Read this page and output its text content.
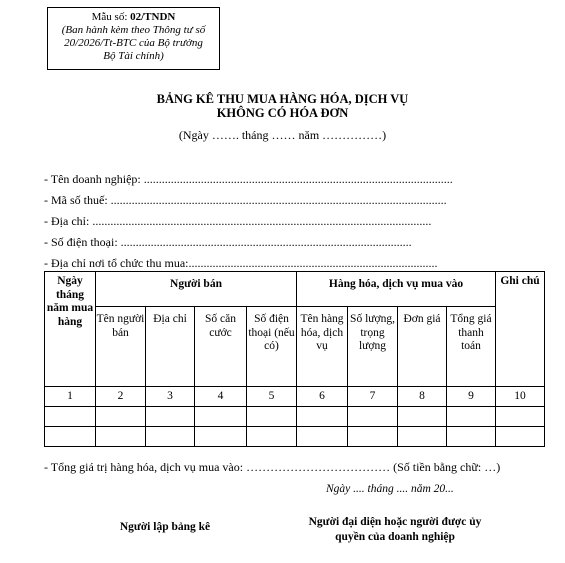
Mẫu số: 02/TNDN
(Ban hành kèm theo Thông tư số
20/2026/Tt-BTC của Bộ trưởng
Bộ Tài chính)
BẢNG KÊ THU MUA HÀNG HÓA, DỊCH VỤ
KHÔNG CÓ HÓA ĐƠN
(Ngày ……. tháng …… năm ……………)
- Tên doanh nghiệp: .......................................................................................................
- Mã số thuế: ................................................................................................................
- Địa chỉ: .................................................................................................................
- Số điện thoại: .................................................................................................
- Địa chỉ nơi tổ chức thu mua:...................................................................................
Ngày tháng năm mua hàng	Người bán				Hàng hóa, dịch vụ mua vào				Ghi chú
	Tên người bán	Địa chỉ	Số căn cước	Số điện thoại (nếu có)	Tên hàng hóa, dịch vụ	Số lượng, trọng lượng	Đơn giá	Tổng giá thanh toán	
1	2	3	4	5	6	7	8	9	10

- Tổng giá trị hàng hóa, dịch vụ mua vào: ……………………………… (Số tiền bằng chữ: …)
Ngày .... tháng .... năm 20...
Người lập bảng kê	Người đại diện hoặc người được ủy
quyền của doanh nghiệp
